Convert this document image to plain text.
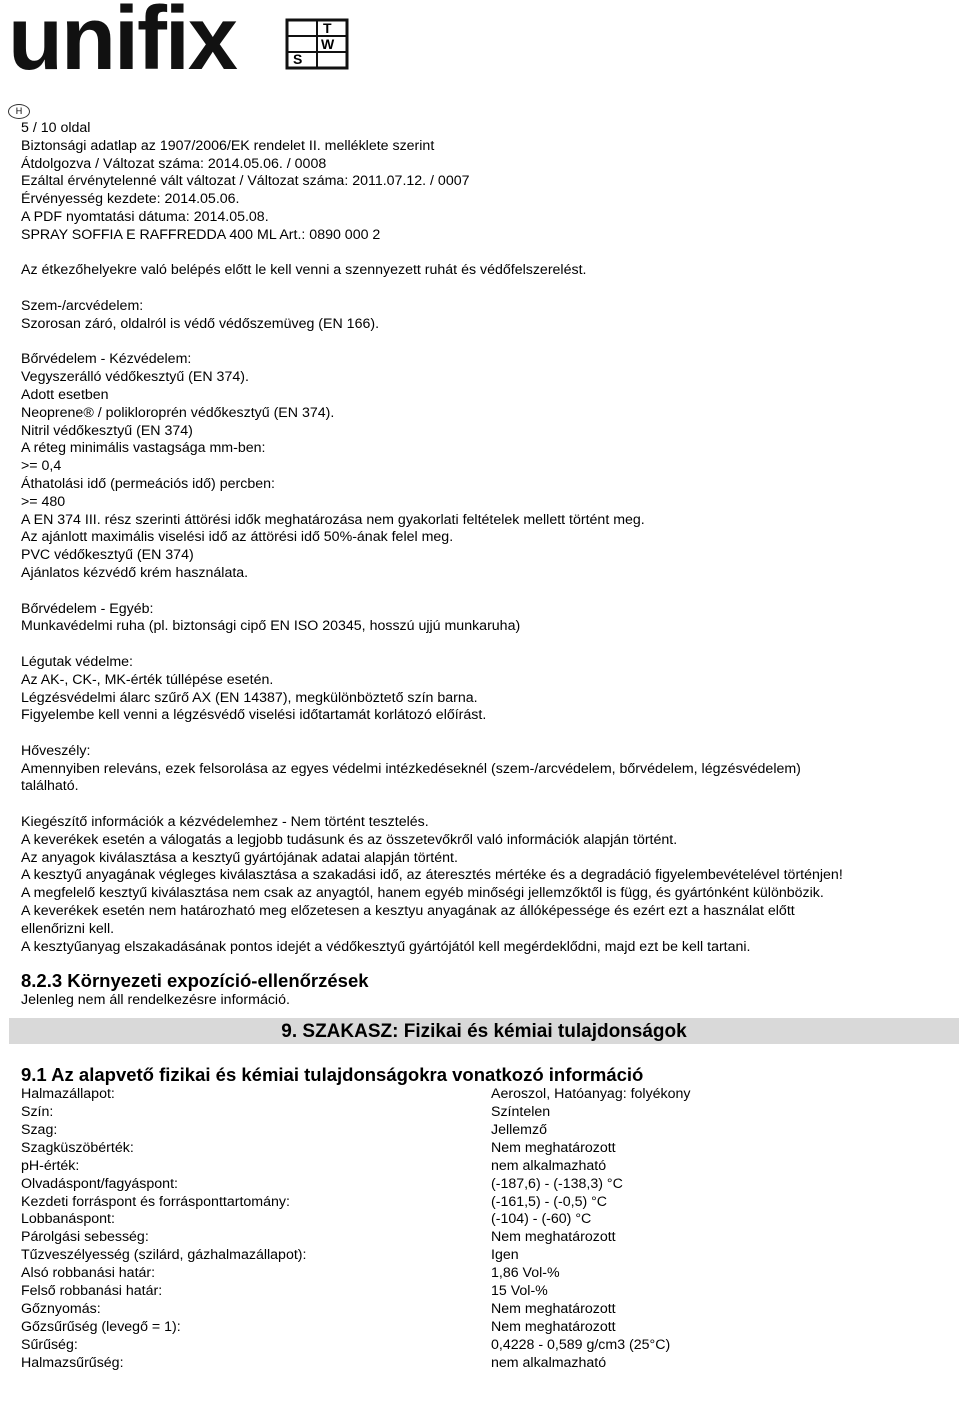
unifix	S
T
W
H
5 / 10 oldal
Biztonsági adatlap az 1907/2006/EK rendelet II. melléklete szerint
Átdolgozva / Változat száma: 2014.05.06. / 0008
Ezáltal érvénytelenné vált változat / Változat száma: 2011.07.12. / 0007
Érvényesség kezdete: 2014.05.06.
A PDF nyomtatási dátuma: 2014.05.08.
SPRAY SOFFIA E RAFFREDDA 400 ML Art.: 0890 000 2
Az étkezőhelyekre való belépés előtt le kell venni a szennyezett ruhát és védőfelszerelést.
Szem-/arcvédelem:
Szorosan záró, oldalról is védő védőszemüveg (EN 166).
Bőrvédelem - Kézvédelem:
Vegyszerálló védőkesztyű (EN 374).
Adott esetben
Neoprene® / polikloroprén védőkesztyű (EN 374).
Nitril védőkesztyű (EN 374)
A réteg minimális vastagsága mm-ben:
>= 0,4
Áthatolási idő (permeációs idő) percben:
>= 480
A EN 374 III. rész szerinti áttörési idők meghatározása nem gyakorlati feltételek mellett történt meg.
Az ajánlott maximális viselési idő az áttörési idő 50%-ának felel meg.
PVC védőkesztyű (EN 374)
Ajánlatos kézvédő krém használata.
Bőrvédelem - Egyéb:
Munkavédelmi ruha (pl. biztonsági cipő EN ISO 20345, hosszú ujjú munkaruha)
Légutak védelme:
Az AK-, CK-, MK-érték túllépése esetén.
Légzésvédelmi álarc szűrő AX (EN 14387), megkülönböztető szín barna.
Figyelembe kell venni a légzésvédő viselési időtartamát korlátozó előírást.
Hőveszély:
Amennyiben releváns, ezek felsorolása az egyes védelmi intézkedéseknél (szem-/arcvédelem, bőrvédelem, légzésvédelem)
található.
Kiegészítő információk a kézvédelemhez - Nem történt tesztelés.
A keverékek esetén a válogatás a legjobb tudásunk és az összetevőkről való információk alapján történt.
Az anyagok kiválasztása a kesztyű gyártójának adatai alapján történt.
A kesztyű anyagának végleges kiválasztása a szakadási idő, az áteresztés mértéke és a degradáció figyelembevételével történjen!
A megfelelő kesztyű kiválasztása nem csak az anyagtól, hanem egyéb minőségi jellemzőktől is függ, és gyártónként különbözik.
A keverékek esetén nem határozható meg előzetesen a kesztyu anyagának az állóképessége és ezért ezt a használat előtt
ellenőrizni kell.
A kesztyűanyag elszakadásának pontos idejét a védőkesztyű gyártójától kell megérdeklődni, majd ezt be kell tartani.
8.2.3 Környezeti expozíció-ellenőrzések
Jelenleg nem áll rendelkezésre információ.
9. SZAKASZ: Fizikai és kémiai tulajdonságok
9.1 Az alapvető fizikai és kémiai tulajdonságokra vonatkozó információ
Halmazállapot:	Aeroszol, Hatóanyag: folyékony
Szín:	Színtelen
Szag:	Jellemző
Szagküszöbérték:	Nem meghatározott
pH-érték:	nem alkalmazható
Olvadáspont/fagyáspont:	(-187,6) - (-138,3) °C
Kezdeti forráspont és forrásponttartomány:	(-161,5) - (-0,5) °C
Lobbanáspont:	(-104) - (-60) °C
Párolgási sebesség:	Nem meghatározott
Tűzveszélyesség (szilárd, gázhalmazállapot):	Igen
Alsó robbanási határ:	1,86 Vol-%
Felső robbanási határ:	15 Vol-%
Gőznyomás:	Nem meghatározott
Gőzsűrűség (levegő = 1):	Nem meghatározott
Sűrűség:	0,4228 - 0,589 g/cm3 (25°C)
Halmazsűrűség:	nem alkalmazható
